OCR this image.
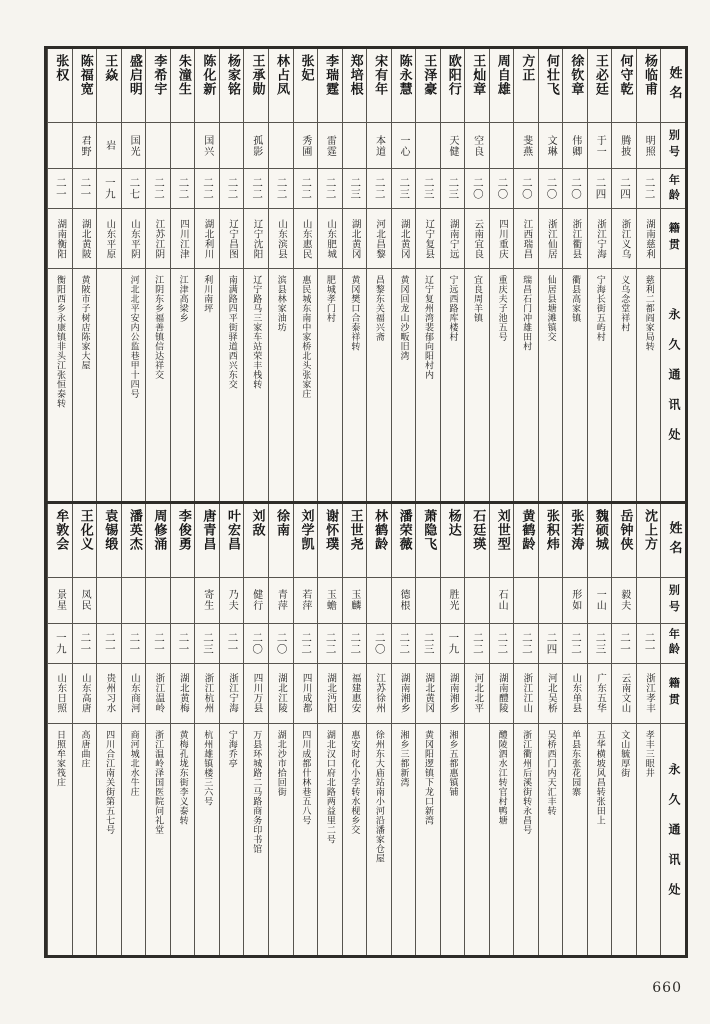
姓名
别号
年龄
籍贯
永久通讯处
杨临甫
明照
二二
湖南慈利
慈利二都阎家局转
何守乾
腾披
二四
浙江义乌
义乌念堂祥村
王必廷
于一
二四
浙江宁海
宁海长街五屿村
徐钦章
伟卿
二〇
浙江衢县
衢县高家镇
何壮飞
文琳
二〇
浙江仙居
仙居县塘滩镇交
方正
斐燕
二〇
江西瑞昌
瑞昌石门冲雄田村
周自雄
二〇
四川重庆
重庆夫子池五号
王灿章
空良
二〇
云南宜良
宜良周羊镇
欧阳行
天健
二三
湖南宁远
宁远西路库楼村
王泽豪
二三
辽宁复县
辽宁复州湾裴郁向阳村内
陈永慧
一心
二三
湖北黄冈
黄冈回龙山沙畈旧湾
宋有年
本道
二二
河北昌黎
昌黎东关福兴斋
郑培根
二三
湖北黄冈
黄冈樊口合泰祥转
李瑞霆
雷霆
二二
山东肥城
肥城孝门村
张妃
秀圃
二二
山东惠民
惠民城东南中家桥北头张家庄
林占凤
二二
山东滨县
滨县林家油坊
王承勋
孤影
二二
辽宁沈阳
辽宁路马三家车站荣丰栈转
杨家铭
二二
辽宁昌图
南满路四平街驿道西兴东交
陈化新
国兴
二二
湖北利川
利川南坪
朱潼生
二二
四川江津
江津高梁乡
李希宇
二二
江苏江阴
江阴东乡福善镇信达祥交
盛启明
国光
二七
山东平阴
河北北平安内公监巷甲十四号
王焱
岩
一九
山东平原
陈福宽
君野
二一
湖北黄陂
黄陂市子树店陈家大屋
张权
二一
湖南衡阳
衡阳西乡永康镇非头江张恒泰转
姓名
别号
年龄
籍贯
永久通讯处
沈上方
二一
浙江孝丰
孝丰三眼井
岳钟侠
毅夫
二一
云南文山
文山毓厚街
魏硕城
一山
二三
广东五华
五华横坡风昌转张田上
张若涛
形如
二二
山东单县
单县东张花园寨
张积炜
二四
河北吴桥
吴桥西门内天汇丰转
黄鹤龄
二二
浙江江山
浙江衢州后溪街转永昌号
刘世型
石山
二二
湖南醴陵
醴陵泗水江转官村鸭塘
石廷瑛
二二
河北北平
杨达
胜光
一九
湖南湘乡
湘乡五都惠镇铺
萧隐飞
二三
湖北黄冈
黄冈阳逻镇下龙口新湾
潘荣薇
德根
二二
湖南湘乡
湘乡三都新湾
林鹤龄
二〇
江苏徐州
徐州东大庙站南小河沿潘家仓屋
王世尧
玉麟
二二
福建惠安
惠安时化小学转水枧乡交
谢怀璞
玉蟾
二二
湖北沔阳
湖北汉口府北路两益里二号
刘学凯
若萍
二二
四川成都
四川成都什林巷五八号
徐南
青萍
二〇
湖北江陵
湖北沙市拾回街
刘敌
健行
二〇
四川万县
万县环城路二马路商务印书馆
叶宏昌
乃夫
二一
浙江宁海
宁海乔亭
唐青昌
寄生
二三
浙江杭州
杭州雄镇楼三六号
李俊勇
二一
湖北黄梅
黄梅孔垅东街李义泰转
周修涌
二一
浙江温岭
浙江温岭泽国医院问礼堂
潘英杰
二一
山东商河
商河城北水牛庄
袁锡缎
二一
贵州习水
四川合江南关街第五七号
王化义
凤民
二一
山东高唐
高唐曲庄
牟敦会
景星
一九
山东日照
日照牟家筏庄
660
